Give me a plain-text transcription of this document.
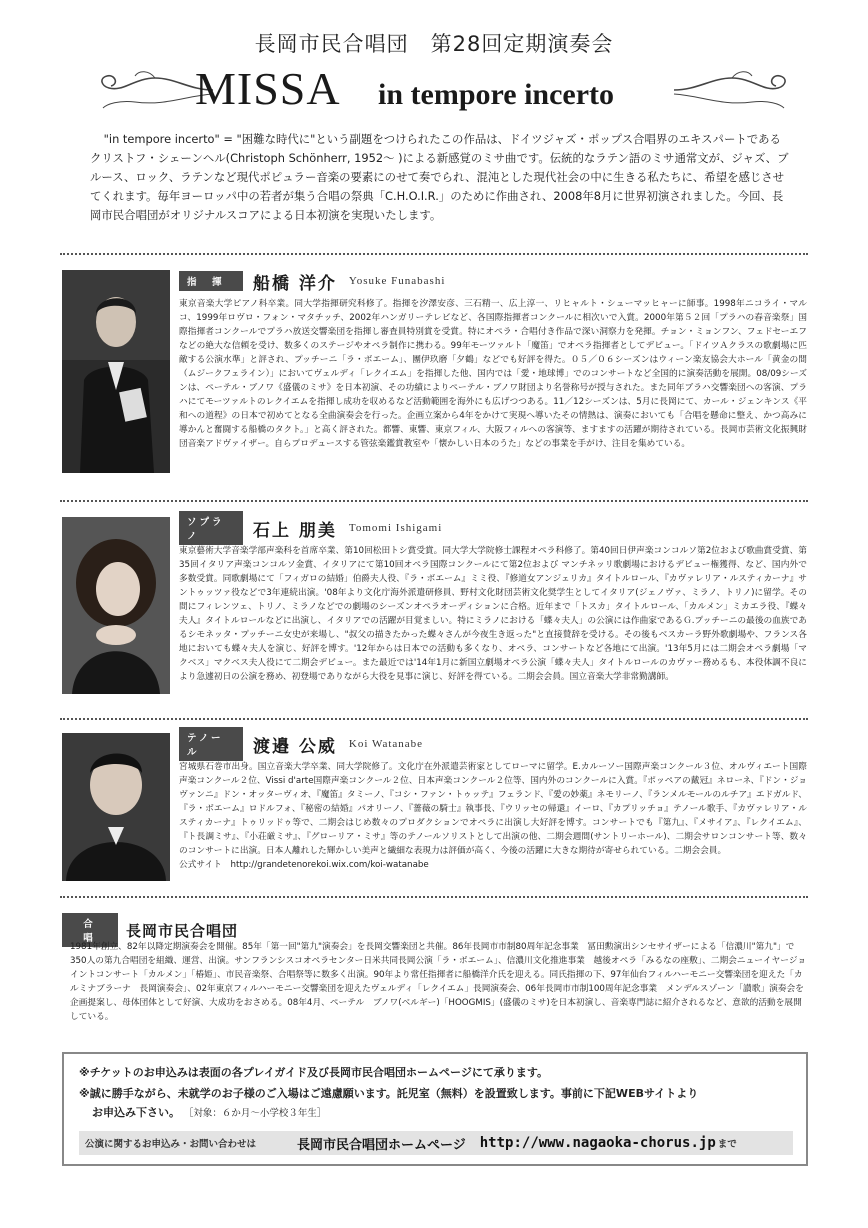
長岡市民合唱団　第28回定期演奏会
MISSA in tempore incerto

"in tempore incerto" = "困難な時代に"という副題をつけられたこの作品は、ドイツジャズ・ポップス合唱界のエキスパートであるクリストフ・シェーンヘル(Christoph Schönherr, 1952〜 )による新感覚のミサ曲です。伝統的なラテン語のミサ通常文が、ジャズ、ブルース、ロック、ラテンなど現代ポピュラー音楽の要素にのせて奏でられ、混沌とした現代社会の中に生きる私たちに、希望を感じさせてくれます。毎年ヨーロッパ中の若者が集う合唱の祭典「C.H.O.I.R.」のために作曲され、2008年8月に世界初演されました。今回、長岡市民合唱団がオリジナルスコアによる日本初演を実現いたします。

指　揮	船橋 洋介 Yosuke Funabashi
東京音楽大学ピアノ科卒業。同大学指揮研究科修了。指揮を汐澤安彦、三石精一、広上淳一、リヒャルト・シューマッヒャーに師事。1998年ニコライ・マルコ、1999年ロヴロ・フォン・マタチッチ、2002年ハンガリーテレビなど、各国際指揮者コンクールに相次いで入賞。2000年第５２回「プラハの春音楽祭」国際指揮者コンクールでプラハ放送交響楽団を指揮し審査員特別賞を受賞。特にオペラ・合唱付き作品で深い洞察力を発揮。チョン・ミョンフン、フェドセーエフなどの絶大な信頼を受け、数多くのステージやオペラ制作に携わる。99年モーツァルト「魔笛」でオペラ指揮者としてデビュー。「ドイツＡクラスの歌劇場に匹敵する公演水準」と評され、プッチーニ「ラ・ボエーム」、團伊玖磨「夕鶴」などでも好評を得た。０５／０６シーズンはウィーン楽友協会大ホール「黄金の間（ムジークフェライン）」においてヴェルディ「レクイエム」を指揮した他、国内では「愛・地球博」でのコンサートなど全国的に演奏活動を展開。08/09シーズンは、ペーテル・ブノワ《盛儀のミサ》を日本初演、その功績によりペーテル・ブノワ財団より名誉称号が授与された。また同年ブラハ交響楽団への客演、プラハにてモーツァルトのレクイエムを指揮し成功を収めるなど活動範囲を海外にも広げつつある。11／12シーズンは、5月に長岡にて、カール・ジェンキンス《平和への道程》の日本で初めてとなる全曲演奏会を行った。企画立案から4年をかけて実現へ導いたその情熱は、演奏においても「合唱を懸命に整え、かつ高みに導かんと奮闘する船橋のタクト。」と高く評された。都響、東響、東京フィル、大阪フィルへの客演等、ますますの活躍が期待されている。長岡市芸術文化振興財団音楽アドヴァイザー。自らプロデュースする管弦楽鑑賞教室や「懐かしい日本のうた」などの事業を手がけ、注目を集めている。
ソプラノ	石上 朋美 Tomomi Ishigami
東京藝術大学音楽学部声楽科を首席卒業、第10回松田トシ賞受賞。同大学大学院修士課程オペラ科修了。第40回日伊声楽コンコルソ第2位および歌曲賞受賞、第35回イタリア声楽コンコルソ金賞、イタリアにて第10回オペラ国際コンクールにて第2位および マンチネッリ歌劇場におけるデビュー権獲得、など、国内外で多数受賞。同歌劇場にて「フィガロの結婚」伯爵夫人役、『ラ・ボエーム』ミミ役、『修道女アンジェリカ』タイトルロール、『カヴァレリア・ルスティカーナ』サントゥッツァ役などで3年連続出演。'08年より文化庁海外派遣研修員、野村文化財団芸術文化奨学生としてイタリア(ジェノヴァ、ミラノ、トリノ)に留学。その間にフィレンツェ、トリノ、ミラノなどでの劇場のシーズンオペラオーディションに合格。近年まで「トスカ」タイトルロール、「カルメン」ミカエラ役、『蝶々夫人』タイトルロールなどに出演し、イタリアでの活躍が目覚ましい。特にミラノにおける「蝶々夫人」の公演には作曲家であるＧ.プッチーニの最後の血族であるシモネッタ・プッチーニ女史が来場し、"叔父の描きたかった蝶々さんが今夜生き返った"と直接賛辞を受ける。その後もベスカーラ野外歌劇場や、フランス各地においても蝶々夫人を演じ、好評を博す。'12年からは日本での活動も多くなり、オペラ、コンサートなど各地にて出演。'13年5月には二期会オペラ劇場「マクベス」マクベス夫人役にて二期会デビュー。また最近では'14年1月に新国立劇場オペラ公演「蝶々夫人」タイトルロールのカヴァー務めるも、本役体調不良により急遽初日の公演を務め、初登場でありながら大役を見事に演じ、好評を得ている。二期会会員。国立音楽大学非常勤講師。
テノール	渡邉 公威 Koi Watanabe
宮城県石巻市出身。国立音楽大学卒業、同大学院修了。文化庁在外派遣芸術家としてローマに留学。E.カルーソー国際声楽コンクール３位、オルヴィエート国際声楽コンクール２位、Vissi d'arte国際声楽コンクール２位、日本声楽コンクール２位等、国内外のコンクールに入賞。『ポッペアの戴冠』ネローネ、『ドン・ジョヴァンニ』ドン・オッターヴィオ、『魔笛』タミーノ、『コシ・ファン・トゥッテ』フェランド、『愛の妙薬』ネモリーノ、『ランメルモールのルチア』エドガルド、『ラ・ボエーム』ロドルフォ、『秘密の結婚』パオリーノ、『薔薇の騎士』執事長、『ウリッセの帰還』イーロ、『カプリッチョ』テノール歌手、『カヴァレリア・ルスティカーナ』トゥリッドゥ等で、二期会はじめ数々のプロダクションでオペラに出演し大好評を博す。コンサートでも『第九』、『メサイア』、『レクイエム』、『ト長調ミサ』、『小荘厳ミサ』、『グローリア・ミサ』等のテノールソリストとして出演の他、二期会週間(サントリーホール)、二期会サロンコンサート等、数々のコンサートに出演。日本人離れした輝かしい美声と繊細な表現力は評価が高く、今後の活躍に大きな期待が寄せられている。二期会会員。
公式サイト　http://grandetenorekoi.wix.com/koi-watanabe
合　唱	長岡市民合唱団
1981年創立、82年以降定期演奏会を開催。85年「第一回"第九"演奏会」を長岡交響楽団と共催。86年長岡市市制80周年記念事業　冨田勲演出シンセサイザーによる「信濃川"第九"」で350人の第九合唱団を組織、運営、出演。サンフランシスコオペラセンター日米共同長岡公演「ラ・ボエーム」、信濃川文化推進事業　越後オペラ「みるなの座敷」、二期会ニューイヤージョイントコンサート「カルメン」「椿姫」、市民音楽祭、合唱祭等に数多く出演。90年より常任指揮者に船橋洋介氏を迎える。同氏指揮の下、97年仙台フィルハーモニー交響楽団を迎えた「カルミナブラーナ　長岡演奏会」、02年東京フィルハーモニー交響楽団を迎えたヴェルディ「レクイエム」長岡演奏会、06年長岡市市制100周年記念事業　メンデルスゾーン「讃歌」演奏会を企画提案し、母体団体として好演、大成功をおさめる。08年4月、ペーテル　ブノワ(ベルギー)「HOOGMIS」(盛儀のミサ)を日本初演し、音楽専門誌に紹介されるなど、意欲的活動を展開している。
※チケットのお申込みは表面の各プレイガイド及び長岡市民合唱団ホームページにて承ります。
※誠に勝手ながら、未就学のお子様のご入場はご遠慮願います。託児室（無料）を設置致します。事前に下記WEBサイトより
お申込み下さい。 ［対象：６か月〜小学校３年生］
公演に関するお申込み・お問い合わせは	長岡市民合唱団ホームページ http://www.nagaoka-chorus.jp まで
